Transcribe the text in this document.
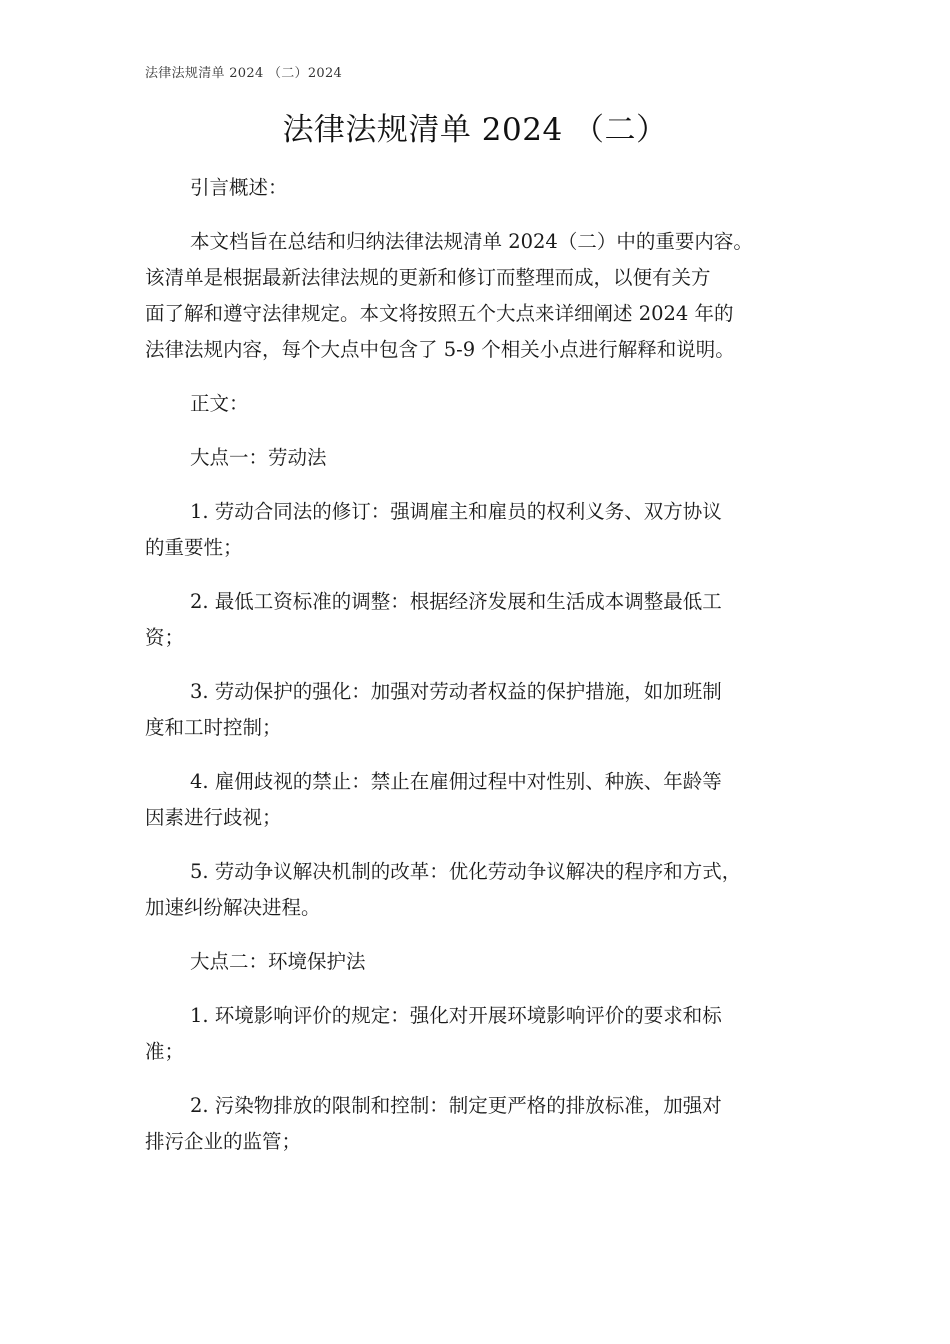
法律法规清单 2024 （二）2024
法律法规清单 2024 （二）

引言概述：

本文档旨在总结和归纳法律法规清单 2024（二）中的重要内容。
该清单是根据最新法律法规的更新和修订而整理而成，以便有关方
面了解和遵守法律规定。本文将按照五个大点来详细阐述 2024 年的
法律法规内容，每个大点中包含了 5-9 个相关小点进行解释和说明。

正文：

大点一：劳动法

1. 劳动合同法的修订：强调雇主和雇员的权利义务、双方协议
的重要性；

2. 最低工资标准的调整：根据经济发展和生活成本调整最低工
资；

3. 劳动保护的强化：加强对劳动者权益的保护措施，如加班制
度和工时控制；

4. 雇佣歧视的禁止：禁止在雇佣过程中对性别、种族、年龄等
因素进行歧视；

5. 劳动争议解决机制的改革：优化劳动争议解决的程序和方式，
加速纠纷解决进程。

大点二：环境保护法

1. 环境影响评价的规定：强化对开展环境影响评价的要求和标
准；

2. 污染物排放的限制和控制：制定更严格的排放标准，加强对
排污企业的监管；
